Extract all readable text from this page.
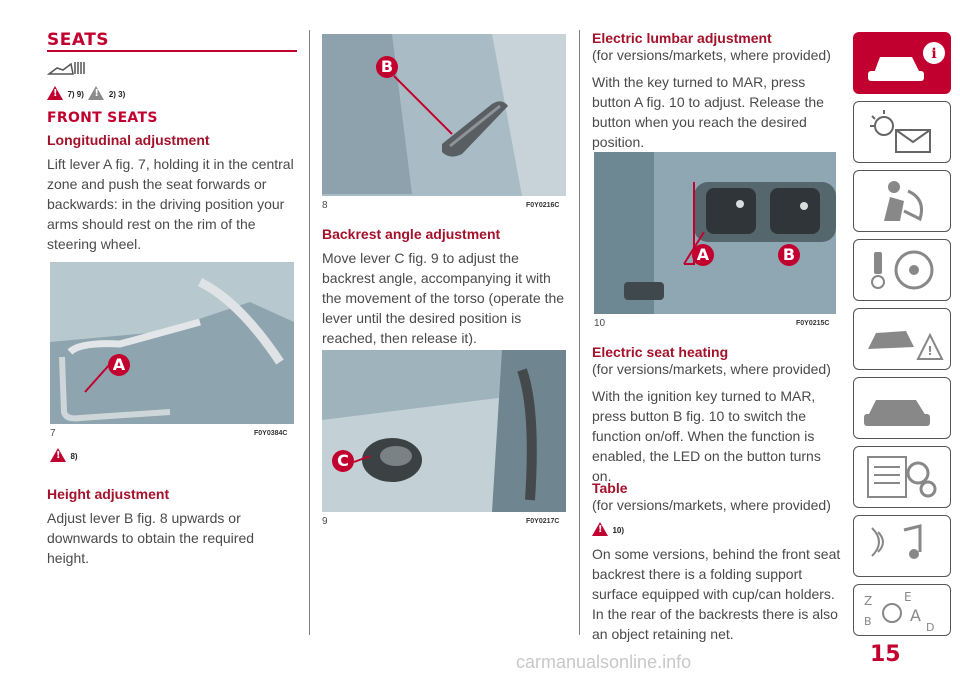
SEATS
! 7) 9) !	2) 3)
FRONT SEATS
Longitudinal adjustment

Lift lever A fig. 7, holding it in the central zone and push the seat forwards or backwards: in the driving position your arms should rest on the rim of the steering wheel.

A
7	F0Y0384C
! 8)
Height adjustment

Adjust lever B fig. 8 upwards or downwards to obtain the required height.

B
8	F0Y0216C
Backrest angle adjustment

Move lever C fig. 9 to adjust the backrest angle, accompanying it with the movement of the torso (operate the lever until the desired position is reached, then release it).

C
9	F0Y0217C
Electric lumbar adjustment
(for versions/markets, where provided)

With the key turned to MAR, press button A fig. 10 to adjust. Release the button when you reach the desired position.

A	B
10	F0Y0215C
Electric seat heating
(for versions/markets, where provided)

With the ignition key turned to MAR, press button B fig. 10 to switch the function on/off. When the function is enabled, the LED on the button turns on.

Table
(for versions/markets, where provided)
! 10)

On some versions, behind the front seat backrest there is a folding support surface equipped with cup/can holders. In the rear of the backrests there is also an object retaining net.

i
!
Z	E
B A
D
15
carmanualsonline.info
